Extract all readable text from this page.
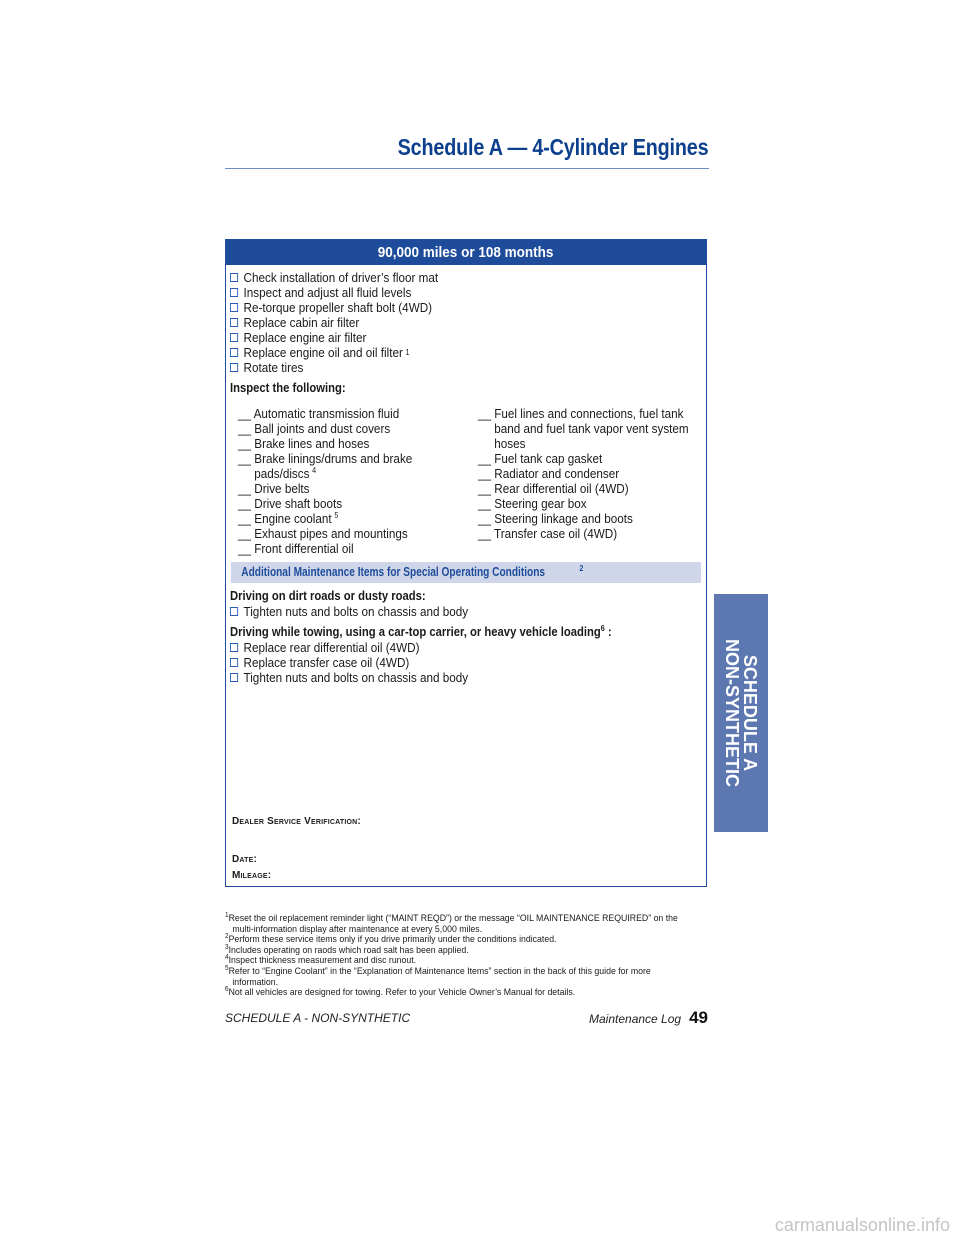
Schedule A — 4-Cylinder Engines
90,000 miles or 108 months
Check installation of driver’s floor mat
Inspect and adjust all fluid levels
Re-torque propeller shaft bolt (4WD)
Replace cabin air filter
Replace engine air filter
Replace engine oil and oil filter 1
Rotate tires
Inspect the following:
__ Automatic transmission fluid
__ Ball joints and dust covers
__ Brake lines and hoses
__ Brake linings/drums and brake
pads/discs $^4$
__ Drive belts
__ Drive shaft boots
__ Engine coolant $^5$
__ Exhaust pipes and mountings
__ Front differential oil
__ Fuel lines and connections, fuel tank
band and fuel tank vapor vent system
hoses
__ Fuel tank cap gasket
__ Radiator and condenser
__ Rear differential oil (4WD)
__ Steering gear box
__ Steering linkage and boots
__ Transfer case oil (4WD)
Additional Maintenance Items for Special Operating Conditions	$^2$
Driving on dirt roads or dusty roads:
Tighten nuts and bolts on chassis and body
Driving while towing, using a car-top carrier, or heavy vehicle loading$^6$ :
Replace rear differential oil (4WD)
Replace transfer case oil (4WD)
Tighten nuts and bolts on chassis and body
Dealer Service Verification:
Date:
Mileage:
SCHEDULE A
NON-SYNTHETIC
$^1$Reset the oil replacement reminder light (“MAINT REQD”) or the message “OIL MAINTENANCE REQUIRED” on the
multi-information display after maintenance at every 5,000 miles.
$^2$Perform these service items only if you drive primarily under the conditions indicated.
$^3$Includes operating on raods which road salt has been applied.
$^4$Inspect thickness measurement and disc runout.
$^5$Refer to “Engine Coolant” in the “Explanation of Maintenance Items” section in the back of this guide for more
information.
$^6$Not all vehicles are designed for towing. Refer to your Vehicle Owner’s Manual for details.
SCHEDULE A - NON-SYNTHETIC	Maintenance Log 49
carmanualsonline.info
